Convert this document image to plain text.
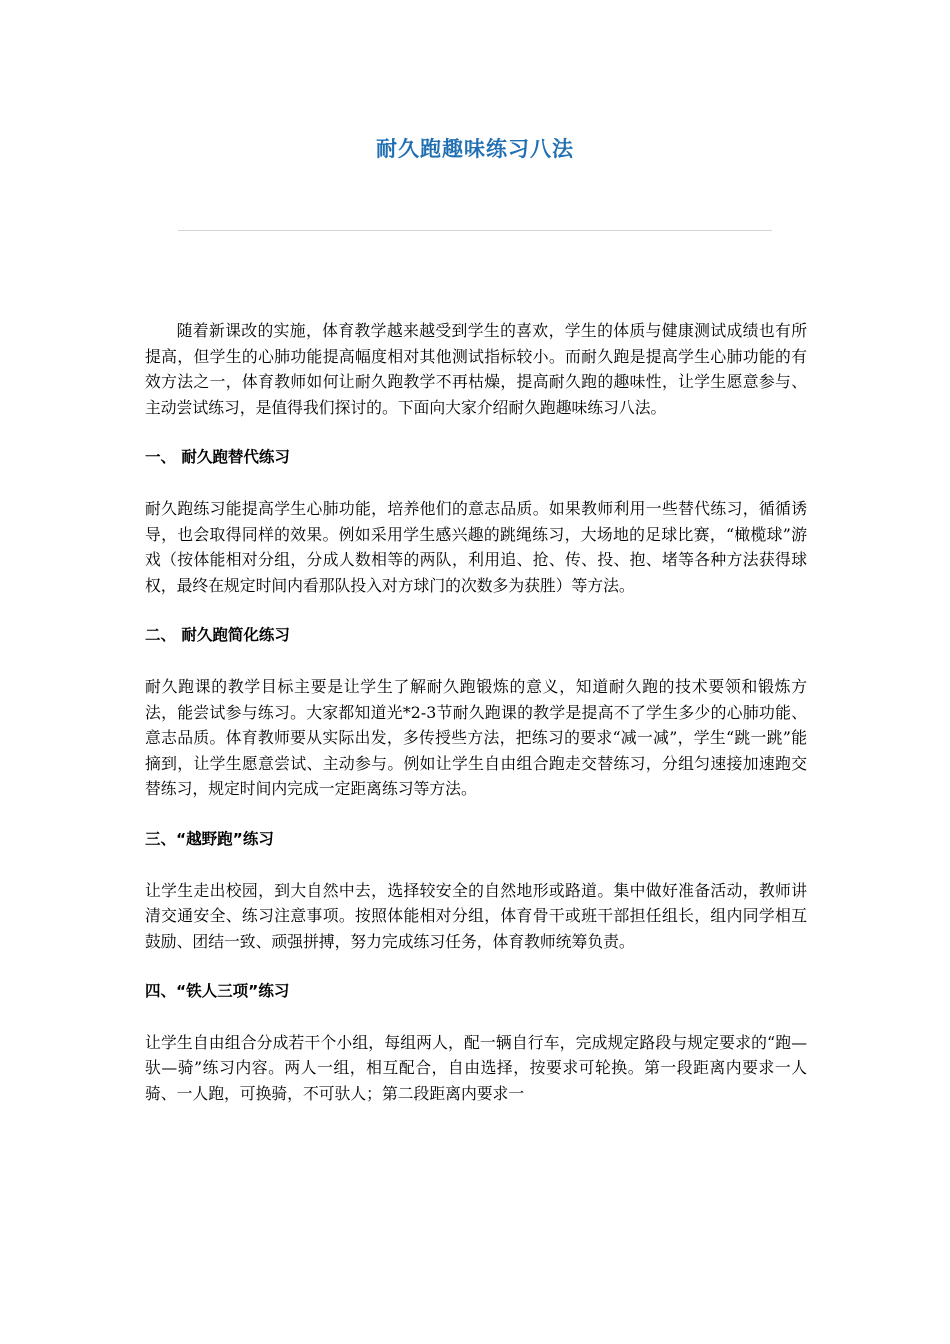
耐久跑趣味练习八法

随着新课改的实施，体育教学越来越受到学生的喜欢，学生的体质与健康测试成绩也有所提高，但学生的心肺功能提高幅度相对其他测试指标较小。而耐久跑是提高学生心肺功能的有效方法之一，体育教师如何让耐久跑教学不再枯燥，提高耐久跑的趣味性，让学生愿意参与、主动尝试练习，是值得我们探讨的。下面向大家介绍耐久跑趣味练习八法。

一、 耐久跑替代练习

耐久跑练习能提高学生心肺功能，培养他们的意志品质。如果教师利用一些替代练习，循循诱导，也会取得同样的效果。例如采用学生感兴趣的跳绳练习，大场地的足球比赛，“橄榄球”游戏（按体能相对分组，分成人数相等的两队，利用追、抢、传、投、抱、堵等各种方法获得球权，最终在规定时间内看那队投入对方球门的次数多为获胜）等方法。

二、 耐久跑简化练习

耐久跑课的教学目标主要是让学生了解耐久跑锻炼的意义，知道耐久跑的技术要领和锻炼方法，能尝试参与练习。大家都知道光*2-3节耐久跑课的教学是提高不了学生多少的心肺功能、意志品质。体育教师要从实际出发，多传授些方法，把练习的要求“减一减”，学生“跳一跳”能摘到，让学生愿意尝试、主动参与。例如让学生自由组合跑走交替练习，分组匀速接加速跑交替练习，规定时间内完成一定距离练习等方法。

三、“越野跑”练习

让学生走出校园，到大自然中去，选择较安全的自然地形或路道。集中做好准备活动，教师讲清交通安全、练习注意事项。按照体能相对分组，体育骨干或班干部担任组长，组内同学相互鼓励、团结一致、顽强拼搏，努力完成练习任务，体育教师统筹负责。

四、“铁人三项”练习

让学生自由组合分成若干个小组，每组两人，配一辆自行车，完成规定路段与规定要求的“跑—驮—骑”练习内容。两人一组，相互配合，自由选择，按要求可轮换。第一段距离内要求一人骑、一人跑，可换骑，不可驮人；第二段距离内要求一
